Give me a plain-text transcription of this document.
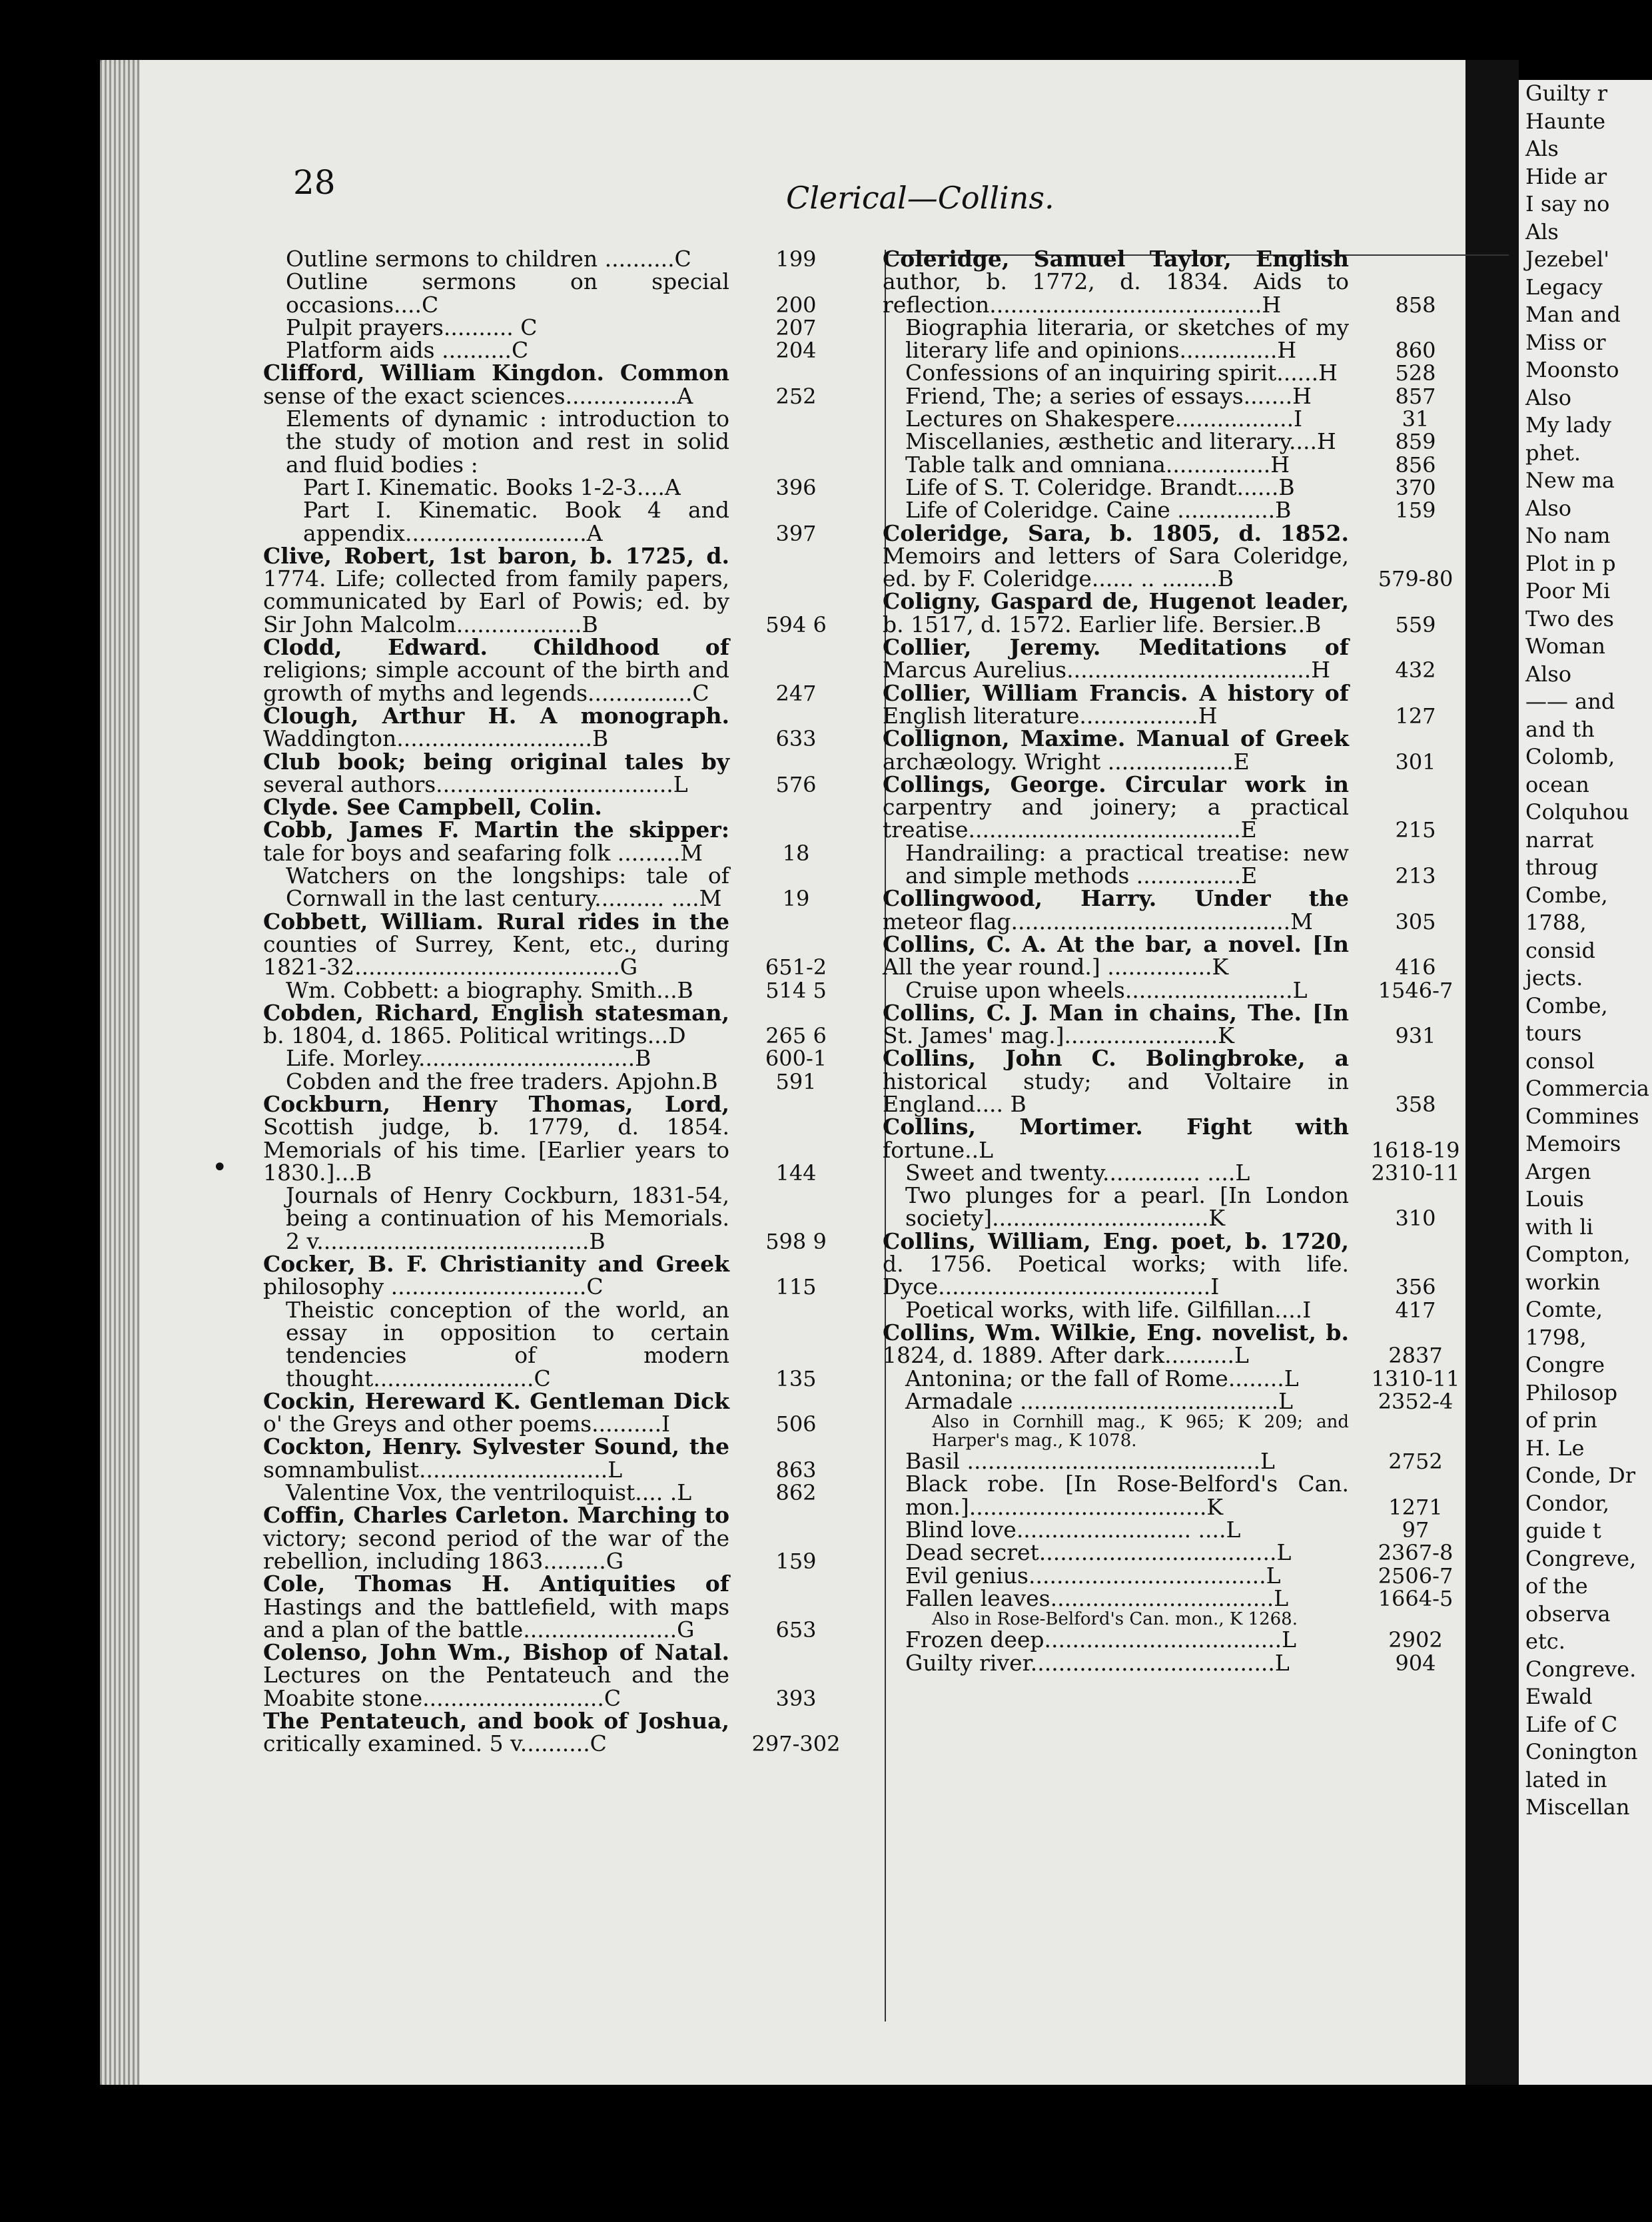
Guilty r
Haunte
Als
Hide ar
I say no
Als
Jezebel'
Legacy
Man and
Miss or
Moonsto
Also
My lady
phet.
New ma
Also
No nam
Plot in p
Poor Mi
Two des
Woman
Also
—— and
and th
Colomb,
ocean
Colquhou
narrat
throug
Combe,
1788,
consid
jects.
Combe,
tours
consol
Commercia
Commines
Memoirs
Argen
Louis
with li
Compton,
workin
Comte,
1798,
Congre
Philosop
of prin
H. Le
Conde, Dr
Condor,
guide t
Congreve,
of the
observa
etc.
Congreve.
Ewald
Life of C
Conington
lated in
Miscellan
28	Clerical—Collins.
•
Outline sermons to children ..........C	199
Outline sermons on special occasions....C	200
Pulpit prayers.......... C	207
Platform aids ..........C	204
Clifford, William Kingdon. Common sense of the exact sciences................A	252
Elements of dynamic : introduction to the study of motion and rest in solid and fluid bodies :
Part I. Kinematic. Books 1-2-3....A	396
Part I. Kinematic. Book 4 and appendix..........................A	397
Clive, Robert, 1st baron, b. 1725, d. 1774. Life; collected from family papers, communicated by Earl of Powis; ed. by Sir John Malcolm..................B	594 6
Clodd, Edward. Childhood of religions; simple account of the birth and growth of myths and legends...............C	247
Clough, Arthur H. A monograph. Waddington............................B	633
Club book; being original tales by several authors..................................L	576
Clyde. See Campbell, Colin.
Cobb, James F. Martin the skipper: tale for boys and seafaring folk .........M	18
Watchers on the longships: tale of Cornwall in the last century.......... ....M	19
Cobbett, William. Rural rides in the counties of Surrey, Kent, etc., during 1821-32......................................G	651-2
Wm. Cobbett: a biography. Smith...B	514 5
Cobden, Richard, English statesman, b. 1804, d. 1865. Political writings...D	265 6
Life. Morley...............................B	600-1
Cobden and the free traders. Apjohn.B	591
Cockburn, Henry Thomas, Lord, Scottish judge, b. 1779, d. 1854. Memorials of his time. [Earlier years to 1830.]...B	144
Journals of Henry Cockburn, 1831-54, being a continuation of his Memorials. 2 v.......................................B	598 9
Cocker, B. F. Christianity and Greek philosophy ............................C	115
Theistic conception of the world, an essay in opposition to certain tendencies of modern thought.......................C	135
Cockin, Hereward K. Gentleman Dick o' the Greys and other poems..........I	506
Cockton, Henry. Sylvester Sound, the somnambulist...........................L	863
Valentine Vox, the ventriloquist.... .L	862
Coffin, Charles Carleton. Marching to victory; second period of the war of the rebellion, including 1863.........G	159
Cole, Thomas H. Antiquities of Hastings and the battlefield, with maps and a plan of the battle......................G	653
Colenso, John Wm., Bishop of Natal. Lectures on the Pentateuch and the Moabite stone..........................C	393
The Pentateuch, and book of Joshua, critically examined. 5 v..........C	297-302
Coleridge, Samuel Taylor, English author, b. 1772, d. 1834. Aids to reflection.......................................H	858
Biographia literaria, or sketches of my literary life and opinions..............H	860
Confessions of an inquiring spirit......H	528
Friend, The; a series of essays.......H	857
Lectures on Shakespere.................I	31
Miscellanies, æsthetic and literary....H	859
Table talk and omniana...............H	856
Life of S. T. Coleridge. Brandt......B	370
Life of Coleridge. Caine ..............B	159
Coleridge, Sara, b. 1805, d. 1852. Memoirs and letters of Sara Coleridge, ed. by F. Coleridge...... .. ........B	579-80
Coligny, Gaspard de, Hugenot leader, b. 1517, d. 1572. Earlier life. Bersier..B	559
Collier, Jeremy. Meditations of Marcus Aurelius...................................H	432
Collier, William Francis. A history of English literature.................H	127
Collignon, Maxime. Manual of Greek archæology. Wright ..................E	301
Collings, George. Circular work in carpentry and joinery; a practical treatise.......................................E	215
Handrailing: a practical treatise: new and simple methods ...............E	213
Collingwood, Harry. Under the meteor flag........................................M	305
Collins, C. A. At the bar, a novel. [In All the year round.] ...............K	416
Cruise upon wheels........................L	1546-7
Collins, C. J. Man in chains, The. [In St. James' mag.]......................K	931
Collins, John C. Bolingbroke, a historical study; and Voltaire in England.... B	358
Collins, Mortimer. Fight with fortune..L	1618-19
Sweet and twenty.............. ....L	2310-11
Two plunges for a pearl. [In London society]...............................K	310
Collins, William, Eng. poet, b. 1720, d. 1756. Poetical works; with life. Dyce.......................................I	356
Poetical works, with life. Gilfillan....I	417
Collins, Wm. Wilkie, Eng. novelist, b. 1824, d. 1889. After dark..........L	2837
Antonina; or the fall of Rome........L	1310-11
Armadale .....................................L	2352-4
Also in Cornhill mag., K 965; K 209; and Harper's mag., K 1078.
Basil ..........................................L	2752
Black robe. [In Rose-Belford's Can. mon.]..................................K	1271
Blind love......................... ....L	97
Dead secret..................................L	2367-8
Evil genius..................................L	2506-7
Fallen leaves................................L	1664-5
Also in Rose-Belford's Can. mon., K 1268.
Frozen deep..................................L	2902
Guilty river...................................L	904
